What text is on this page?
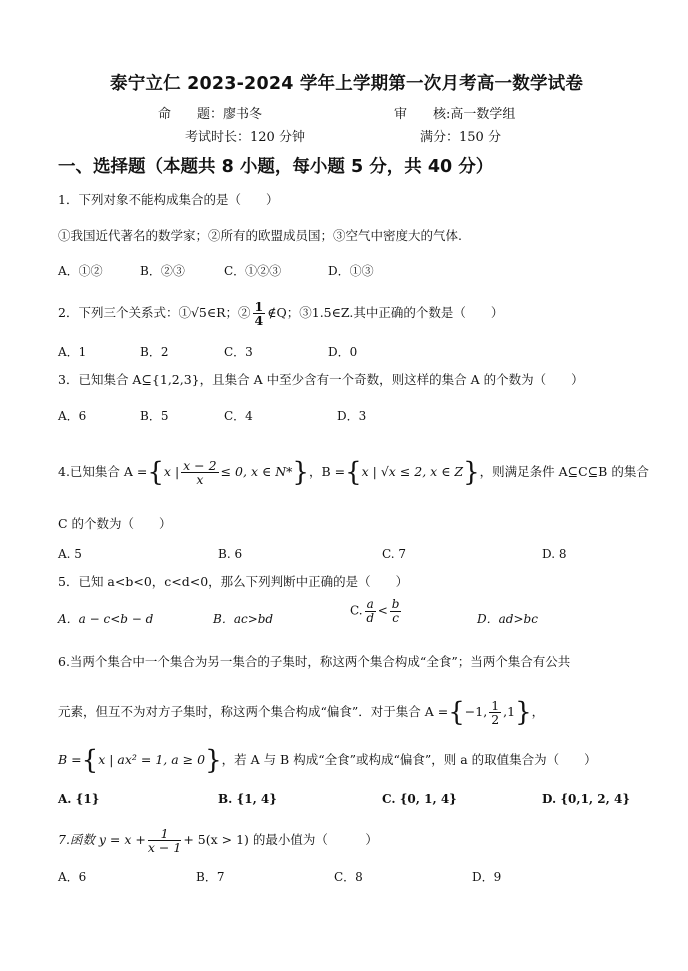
泰宁立仁 2023-2024 学年上学期第一次月考高一数学试卷
命　　题：廖书冬	审　　核:高一数学组
考试时长：120 分钟	满分：150 分
一、选择题（本题共 8 小题，每小题 5 分，共 40 分）
1．下列对象不能构成集合的是（　　）
①我国近代著名的数学家；②所有的欧盟成员国；③空气中密度大的气体.
A．①②	B．②③	C．①②③	D．①③
2．下列三个关系式：①√5∈R；② $\frac{1}{4}$ ∉Q；③1.5∈Z.其中正确的个数是（　　）
A．1	B．2	C．3	D．0
3．已知集合 A⊆{1,2,3}，且集合 A 中至少含有一个奇数，则这样的集合 A 的个数为（　　）
A．6	B．5	C．4	D．3
4.已知集合 A ={x | $\frac{x - 2}{x} \le 0$, x ∈ N*}，B ={x | √x ≤ 2, x ∈ Z}，则满足条件 A⊆C⊆B 的集合
C 的个数为（　　）
A. 5	B. 6	C. 7	D. 8
5．已知 a<b<0，c<d<0，那么下列判断中正确的是（　　）
A．a − c<b − d	B．ac>bd
C. $\frac{a}{d} < \frac{b}{c}$	D．ad>bc
6.当两个集合中一个集合为另一集合的子集时，称这两个集合构成“全食”；当两个集合有公共
元素，但互不为对方子集时，称这两个集合构成“偏食”．对于集合 A ={−1, $\frac{1}{2} ,1$}，
B ={x | ax² = 1, a ≥ 0}，若 A 与 B 构成“全食”或构成“偏食”，则 a 的取值集合为（　　）
A. {1}	B. {1, 4}	C. {0, 1, 4}	D. {0,1, 2, 4}
7.函数 $y = x + \frac{1}{x - 1} + 5(x > 1)$ 的最小值为（　　　）
A．6	B．7	C．8	D．9
